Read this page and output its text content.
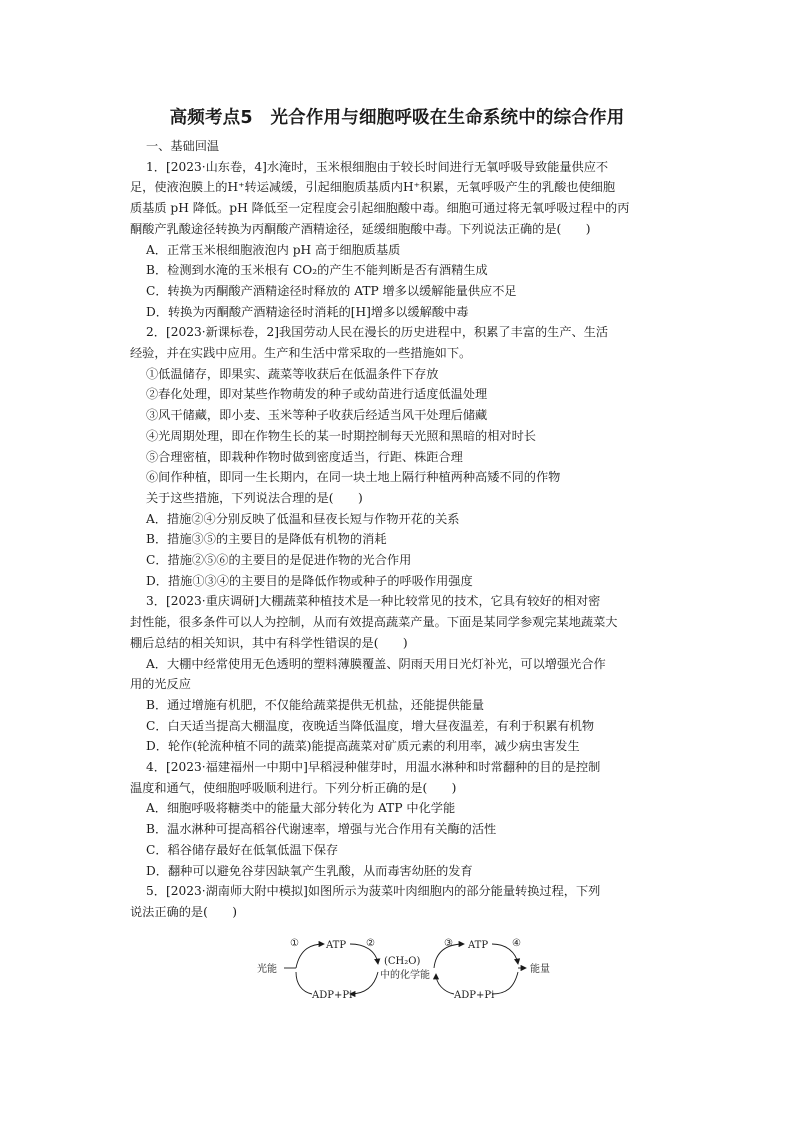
高频考点5　光合作用与细胞呼吸在生命系统中的综合作用
一、基础回温
1．[2023·山东卷，4]水淹时，玉米根细胞由于较长时间进行无氧呼吸导致能量供应不
足，使液泡膜上的H⁺转运减缓，引起细胞质基质内H⁺积累，无氧呼吸产生的乳酸也使细胞
质基质 pH 降低。pH 降低至一定程度会引起细胞酸中毒。细胞可通过将无氧呼吸过程中的丙
酮酸产乳酸途径转换为丙酮酸产酒精途径，延缓细胞酸中毒。下列说法正确的是(　　)
A．正常玉米根细胞液泡内 pH 高于细胞质基质
B．检测到水淹的玉米根有 CO₂的产生不能判断是否有酒精生成
C．转换为丙酮酸产酒精途径时释放的 ATP 增多以缓解能量供应不足
D．转换为丙酮酸产酒精途径时消耗的[H]增多以缓解酸中毒
2．[2023·新课标卷，2]我国劳动人民在漫长的历史进程中，积累了丰富的生产、生活
经验，并在实践中应用。生产和生活中常采取的一些措施如下。
①低温储存，即果实、蔬菜等收获后在低温条件下存放
②春化处理，即对某些作物萌发的种子或幼苗进行适度低温处理
③风干储藏，即小麦、玉米等种子收获后经适当风干处理后储藏
④光周期处理，即在作物生长的某一时期控制每天光照和黑暗的相对时长
⑤合理密植，即栽种作物时做到密度适当，行距、株距合理
⑥间作种植，即同一生长期内，在同一块土地上隔行种植两种高矮不同的作物
关于这些措施，下列说法合理的是(　　)
A．措施②④分别反映了低温和昼夜长短与作物开花的关系
B．措施③⑤的主要目的是降低有机物的消耗
C．措施②⑤⑥的主要目的是促进作物的光合作用
D．措施①③④的主要目的是降低作物或种子的呼吸作用强度
3．[2023·重庆调研]大棚蔬菜种植技术是一种比较常见的技术，它具有较好的相对密
封性能，很多条件可以人为控制，从而有效提高蔬菜产量。下面是某同学参观完某地蔬菜大
棚后总结的相关知识，其中有科学性错误的是(　　)
A．大棚中经常使用无色透明的塑料薄膜覆盖、阴雨天用日光灯补光，可以增强光合作
用的光反应
B．通过增施有机肥，不仅能给蔬菜提供无机盐，还能提供能量
C．白天适当提高大棚温度，夜晚适当降低温度，增大昼夜温差，有利于积累有机物
D．轮作(轮流种植不同的蔬菜)能提高蔬菜对矿质元素的利用率，减少病虫害发生
4．[2023·福建福州一中期中]早稻浸种催芽时，用温水淋种和时常翻种的目的是控制
温度和通气，使细胞呼吸顺利进行。下列分析正确的是(　　)
A．细胞呼吸将糖类中的能量大部分转化为 ATP 中化学能
B．温水淋种可提高稻谷代谢速率，增强与光合作用有关酶的活性
C．稻谷储存最好在低氧低温下保存
D．翻种可以避免谷芽因缺氧产生乳酸，从而毒害幼胚的发育
5．[2023·湖南师大附中模拟]如图所示为菠菜叶肉细胞内的部分能量转换过程，下列
说法正确的是(　　)
光能
①	ATP ②
ADP+Pi
(CH₂O)
中的化学能
③ ATP ④
能量
ADP+Pi
